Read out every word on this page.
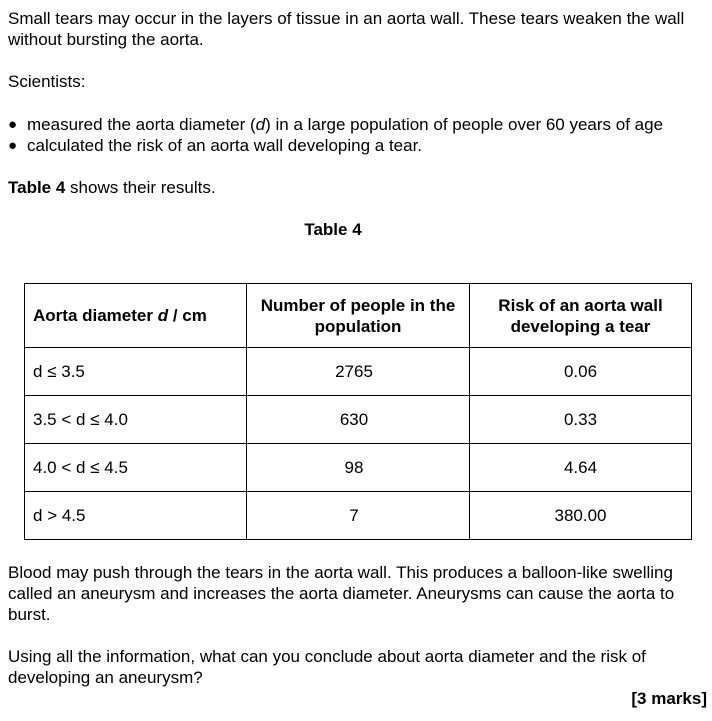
Small tears may occur in the layers of tissue in an aorta wall. These tears weaken the wall without bursting the aorta.

Scientists:

● measured the aorta diameter (d) in a large population of people over 60 years of age
● calculated the risk of an aorta wall developing a tear.

Table 4 shows their results.

Table 4

Aorta diameter d / cm	Number of people in the population	Risk of an aorta wall developing a tear
d ≤ 3.5	2765	0.06
3.5 < d ≤ 4.0	630	0.33
4.0 < d ≤ 4.5	98	4.64
d > 4.5	7	380.00

Blood may push through the tears in the aorta wall. This produces a balloon-like swelling called an aneurysm and increases the aorta diameter. Aneurysms can cause the aorta to burst.

Using all the information, what can you conclude about aorta diameter and the risk of developing an aneurysm?

[3 marks]
